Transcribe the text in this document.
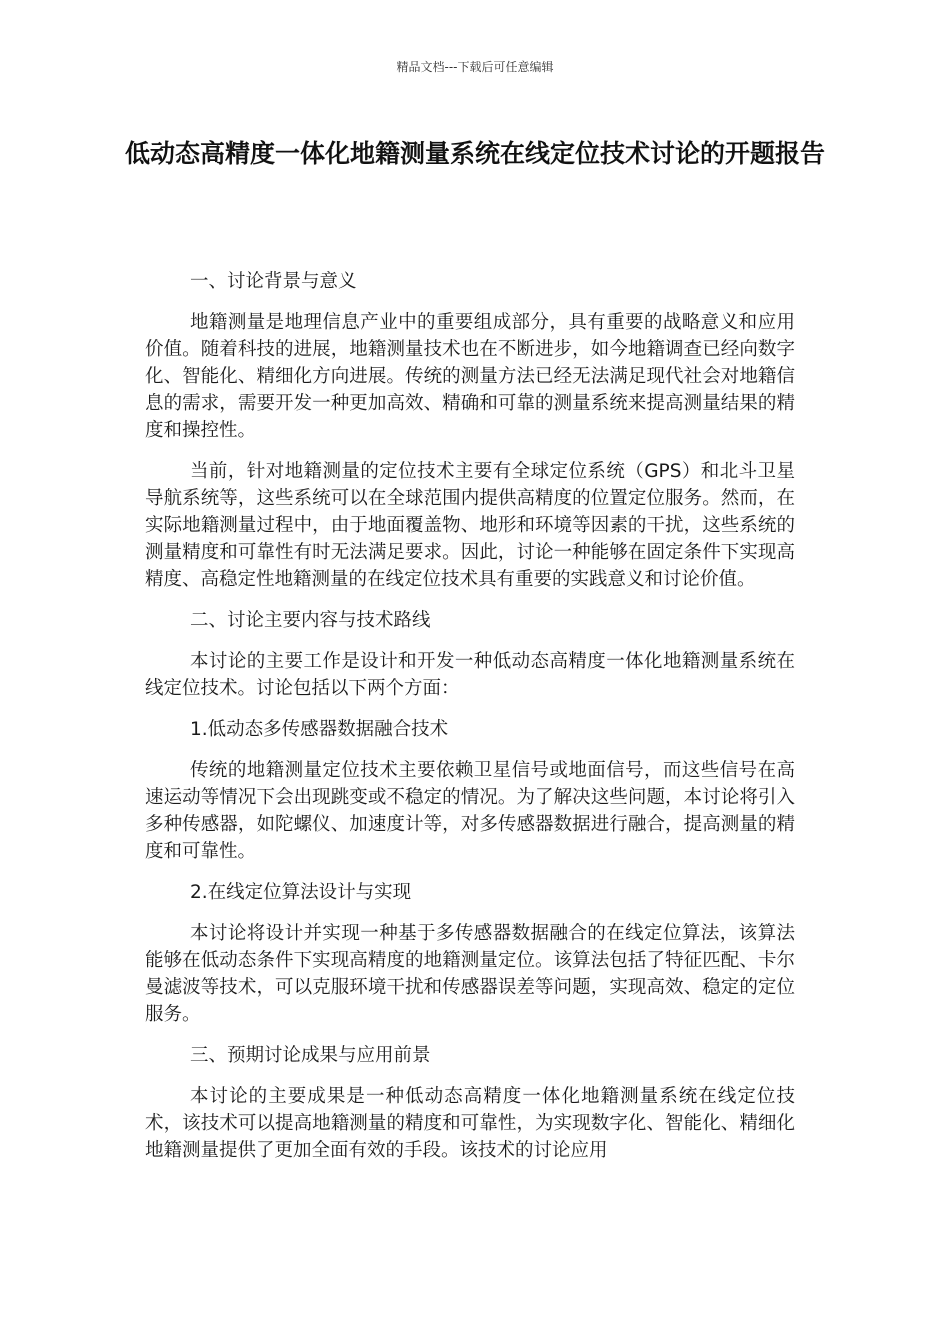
精品文档---下载后可任意编辑
低动态高精度一体化地籍测量系统在线定位技术讨论的开题报告

一、讨论背景与意义

地籍测量是地理信息产业中的重要组成部分，具有重要的战略意义和应用价值。随着科技的进展，地籍测量技术也在不断进步，如今地籍调查已经向数字化、智能化、精细化方向进展。传统的测量方法已经无法满足现代社会对地籍信息的需求，需要开发一种更加高效、精确和可靠的测量系统来提高测量结果的精度和操控性。

当前，针对地籍测量的定位技术主要有全球定位系统（GPS）和北斗卫星导航系统等，这些系统可以在全球范围内提供高精度的位置定位服务。然而，在实际地籍测量过程中，由于地面覆盖物、地形和环境等因素的干扰，这些系统的测量精度和可靠性有时无法满足要求。因此，讨论一种能够在固定条件下实现高精度、高稳定性地籍测量的在线定位技术具有重要的实践意义和讨论价值。

二、讨论主要内容与技术路线

本讨论的主要工作是设计和开发一种低动态高精度一体化地籍测量系统在线定位技术。讨论包括以下两个方面：

1.低动态多传感器数据融合技术

传统的地籍测量定位技术主要依赖卫星信号或地面信号，而这些信号在高速运动等情况下会出现跳变或不稳定的情况。为了解决这些问题，本讨论将引入多种传感器，如陀螺仪、加速度计等，对多传感器数据进行融合，提高测量的精度和可靠性。

2.在线定位算法设计与实现

本讨论将设计并实现一种基于多传感器数据融合的在线定位算法，该算法能够在低动态条件下实现高精度的地籍测量定位。该算法包括了特征匹配、卡尔曼滤波等技术，可以克服环境干扰和传感器误差等问题，实现高效、稳定的定位服务。

三、预期讨论成果与应用前景

本讨论的主要成果是一种低动态高精度一体化地籍测量系统在线定位技术，该技术可以提高地籍测量的精度和可靠性，为实现数字化、智能化、精细化地籍测量提供了更加全面有效的手段。该技术的讨论应用
